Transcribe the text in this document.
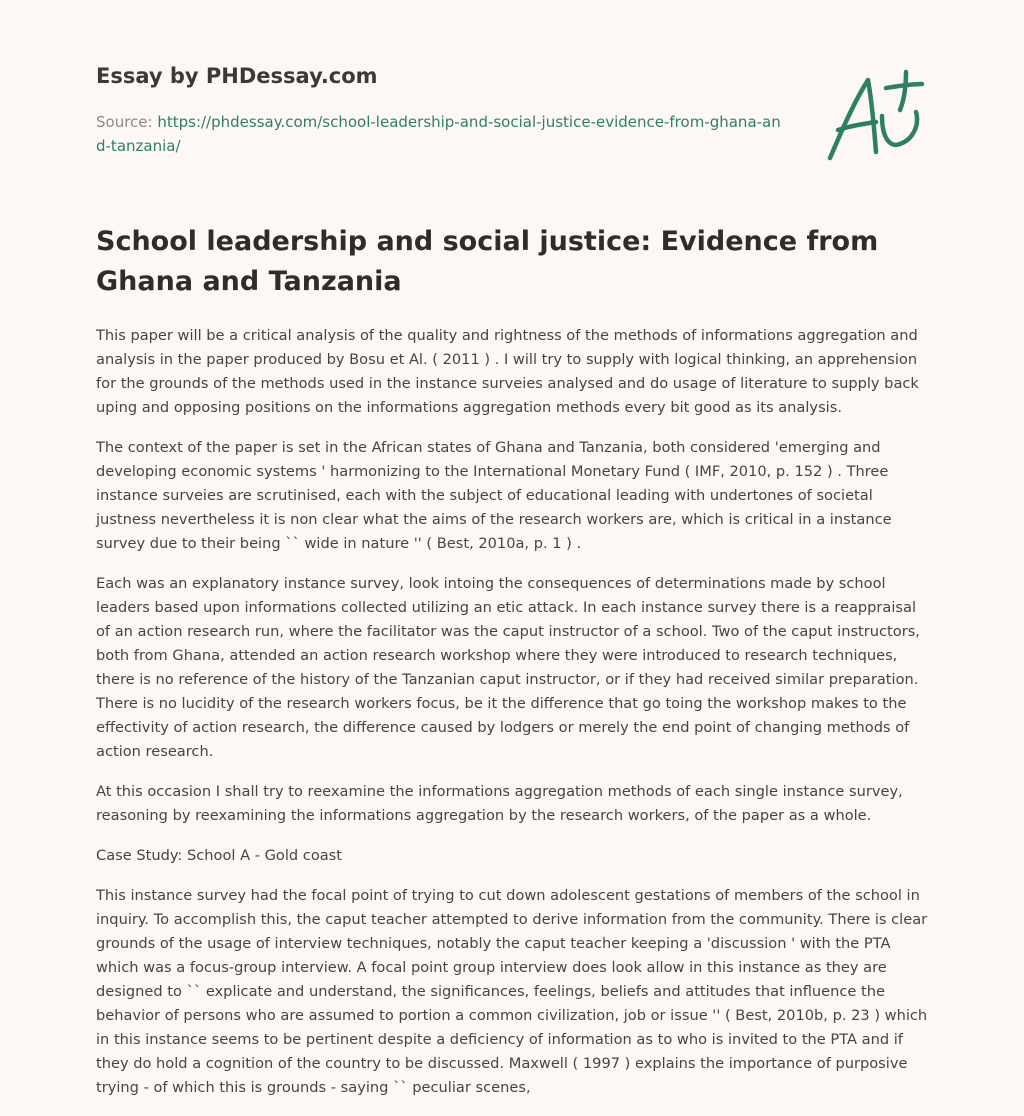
Essay by PHDessay.com
Source: https://phdessay.com/school-leadership-and-social-justice-evidence-from-ghana-and-tanzania/
School leadership and social justice: Evidence from Ghana and Tanzania

This paper will be a critical analysis of the quality and rightness of the methods of informations aggregation and analysis in the paper produced by Bosu et Al. ( 2011 ) . I will try to supply with logical thinking, an apprehension for the grounds of the methods used in the instance surveies analysed and do usage of literature to supply back uping and opposing positions on the informations aggregation methods every bit good as its analysis.

The context of the paper is set in the African states of Ghana and Tanzania, both considered 'emerging and developing economic systems ' harmonizing to the International Monetary Fund ( IMF, 2010, p. 152 ) . Three instance surveies are scrutinised, each with the subject of educational leading with undertones of societal justness nevertheless it is non clear what the aims of the research workers are, which is critical in a instance survey due to their being `` wide in nature '' ( Best, 2010a, p. 1 ) .

Each was an explanatory instance survey, look intoing the consequences of determinations made by school leaders based upon informations collected utilizing an etic attack. In each instance survey there is a reappraisal of an action research run, where the facilitator was the caput instructor of a school. Two of the caput instructors, both from Ghana, attended an action research workshop where they were introduced to research techniques, there is no reference of the history of the Tanzanian caput instructor, or if they had received similar preparation. There is no lucidity of the research workers focus, be it the difference that go toing the workshop makes to the effectivity of action research, the difference caused by lodgers or merely the end point of changing methods of action research.

At this occasion I shall try to reexamine the informations aggregation methods of each single instance survey, reasoning by reexamining the informations aggregation by the research workers, of the paper as a whole.

Case Study: School A - Gold coast

This instance survey had the focal point of trying to cut down adolescent gestations of members of the school in inquiry. To accomplish this, the caput teacher attempted to derive information from the community. There is clear grounds of the usage of interview techniques, notably the caput teacher keeping a 'discussion ' with the PTA which was a focus-group interview. A focal point group interview does look allow in this instance as they are designed to `` explicate and understand, the significances, feelings, beliefs and attitudes that influence the behavior of persons who are assumed to portion a common civilization, job or issue '' ( Best, 2010b, p. 23 ) which in this instance seems to be pertinent despite a deficiency of information as to who is invited to the PTA and if they do hold a cognition of the country to be discussed. Maxwell ( 1997 ) explains the importance of purposive trying - of which this is grounds - saying `` peculiar scenes,
